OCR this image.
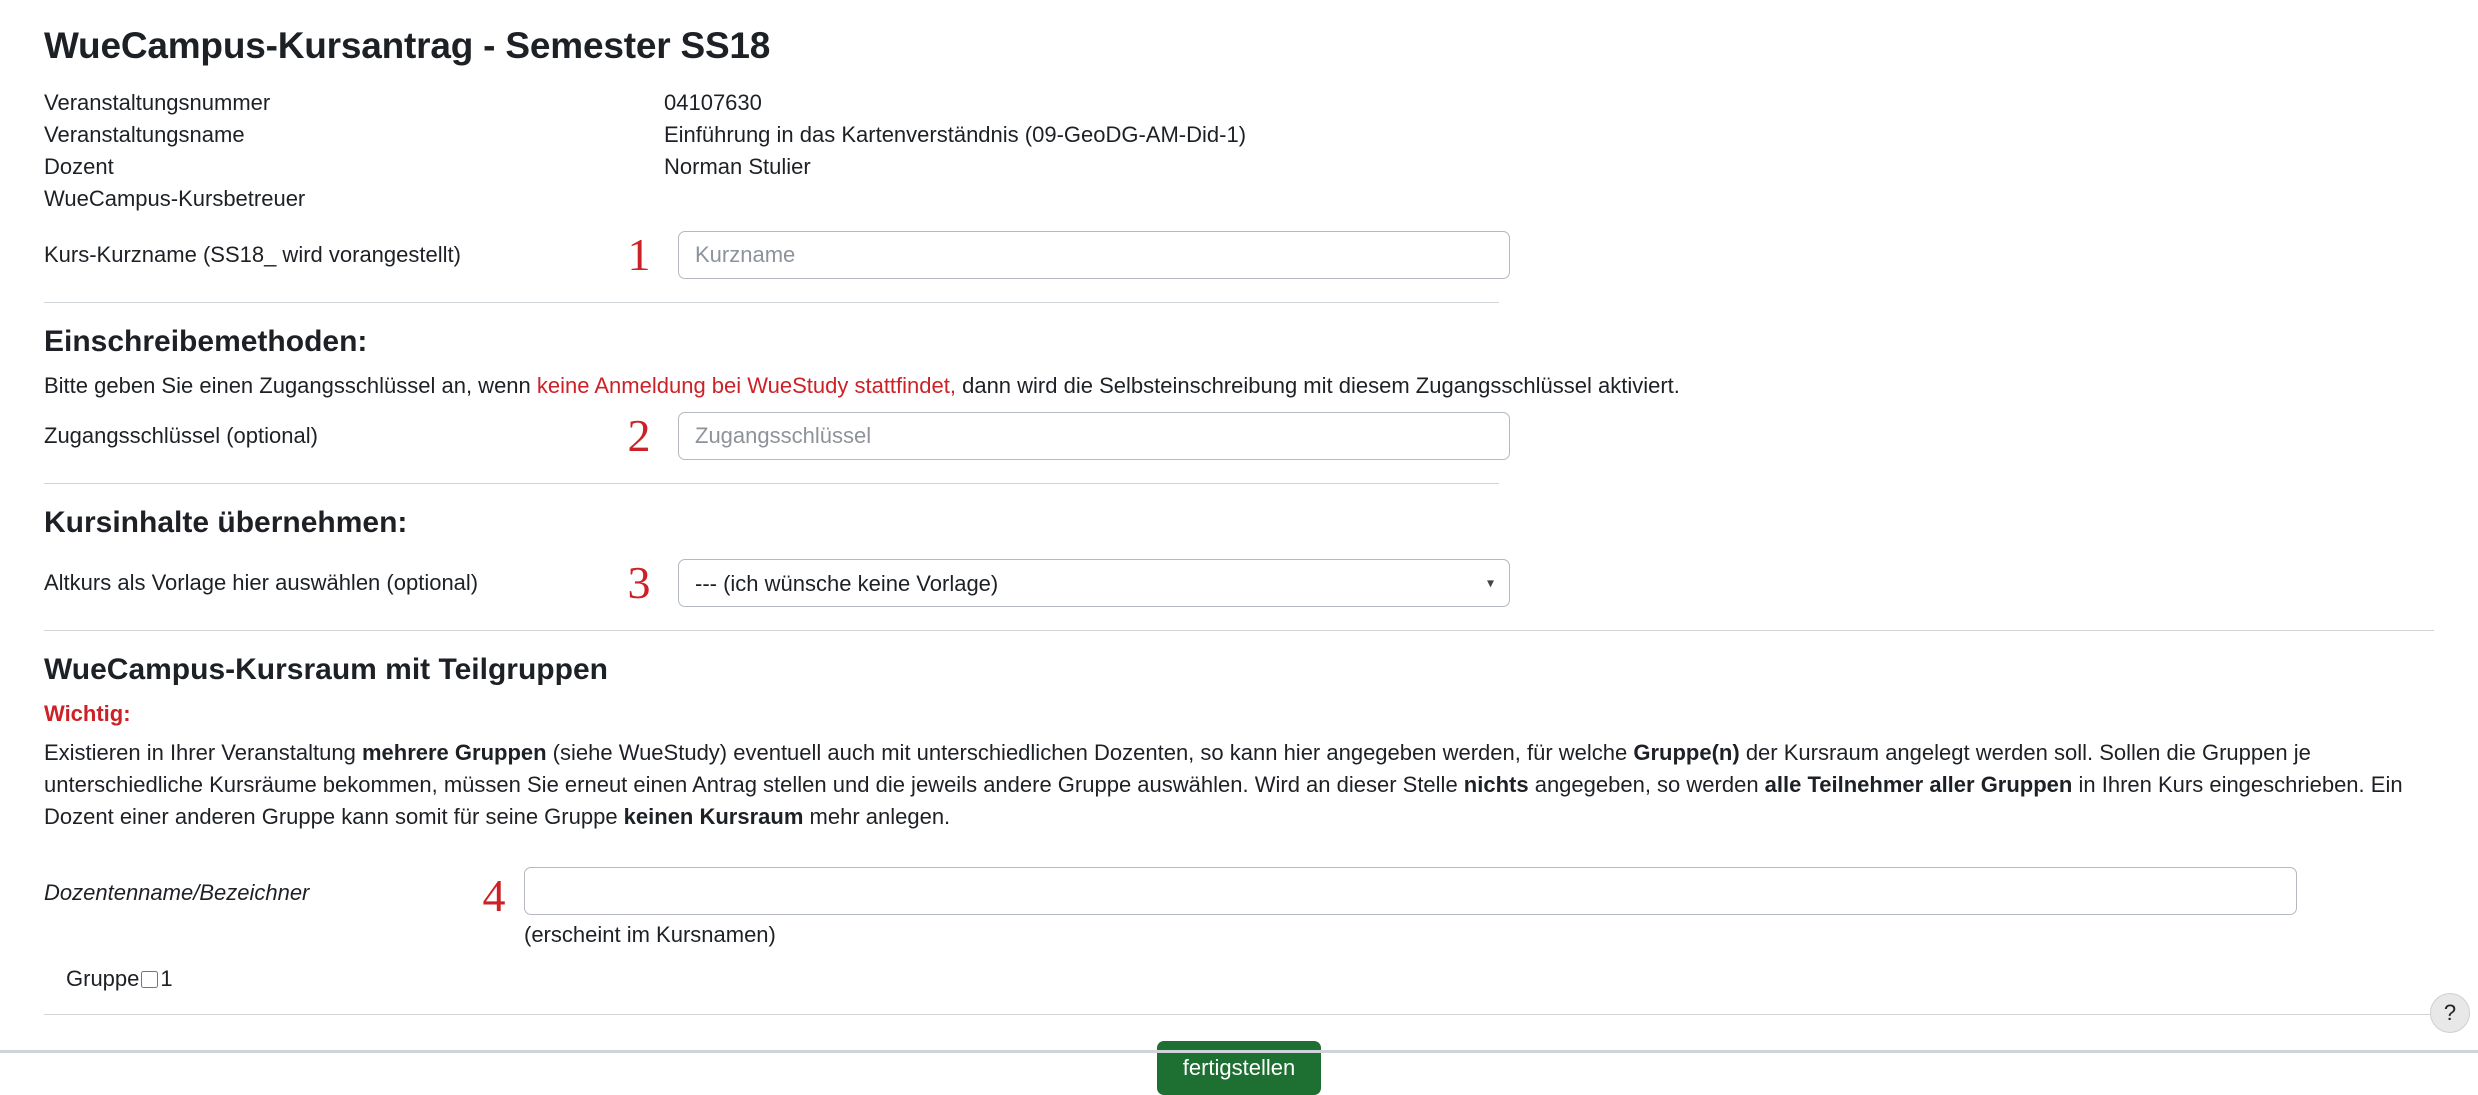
WueCampus-Kursantrag - Semester SS18
Veranstaltungsnummer	04107630
Veranstaltungsname	Einführung in das Kartenverständnis (09-GeoDG-AM-Did-1)
Dozent	Norman Stulier
WueCampus-Kursbetreuer
Kurs-Kurzname (SS18_ wird vorangestellt)	1
Kurzname
Einschreibemethoden:
Bitte geben Sie einen Zugangsschlüssel an, wenn keine Anmeldung bei WueStudy stattfindet, dann wird die Selbsteinschreibung mit diesem Zugangsschlüssel aktiviert.
Zugangsschlüssel (optional)	2
Zugangsschlüssel
Kursinhalte übernehmen:
Altkurs als Vorlage hier auswählen (optional)	3
--- (ich wünsche keine Vorlage)	▾
WueCampus-Kursraum mit Teilgruppen
Wichtig:

Existieren in Ihrer Veranstaltung mehrere Gruppen (siehe WueStudy) eventuell auch mit unterschiedlichen Dozenten, so kann hier angegeben werden, für welche Gruppe(n) der Kursraum angelegt werden soll. Sollen die Gruppen je unterschiedliche Kursräume bekommen, müssen Sie erneut einen Antrag stellen und die jeweils andere Gruppe auswählen. Wird an dieser Stelle nichts angegeben, so werden alle Teilnehmer aller Gruppen in Ihren Kurs eingeschrieben. Ein Dozent einer anderen Gruppe kann somit für seine Gruppe keinen Kursraum mehr anlegen.

Dozentenname/Bezeichner	4
(erscheint im Kursnamen)
Gruppe 1
fertigstellen
?
